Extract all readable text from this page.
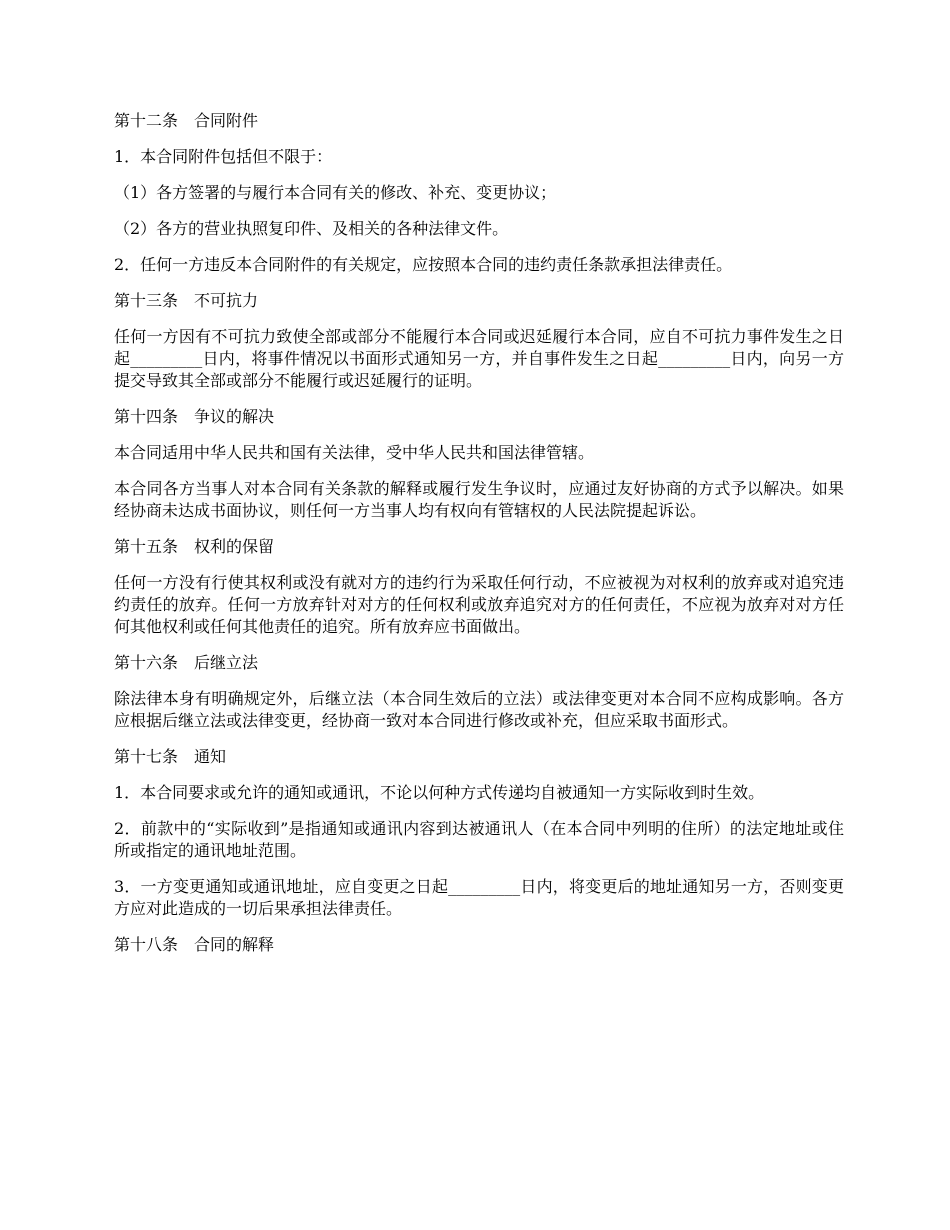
第十二条　合同附件

1．本合同附件包括但不限于：

（1）各方签署的与履行本合同有关的修改、补充、变更协议；

（2）各方的营业执照复印件、及相关的各种法律文件。

2．任何一方违反本合同附件的有关规定，应按照本合同的违约责任条款承担法律责任。

第十三条　不可抗力

任何一方因有不可抗力致使全部或部分不能履行本合同或迟延履行本合同，应自不可抗力事件发生之日起_________日内，将事件情况以书面形式通知另一方，并自事件发生之日起_________日内，向另一方提交导致其全部或部分不能履行或迟延履行的证明。

第十四条　争议的解决

本合同适用中华人民共和国有关法律，受中华人民共和国法律管辖。

本合同各方当事人对本合同有关条款的解释或履行发生争议时，应通过友好协商的方式予以解决。如果经协商未达成书面协议，则任何一方当事人均有权向有管辖权的人民法院提起诉讼。

第十五条　权利的保留

任何一方没有行使其权利或没有就对方的违约行为采取任何行动，不应被视为对权利的放弃或对追究违约责任的放弃。任何一方放弃针对对方的任何权利或放弃追究对方的任何责任，不应视为放弃对对方任何其他权利或任何其他责任的追究。所有放弃应书面做出。

第十六条　后继立法

除法律本身有明确规定外，后继立法（本合同生效后的立法）或法律变更对本合同不应构成影响。各方应根据后继立法或法律变更，经协商一致对本合同进行修改或补充，但应采取书面形式。

第十七条　通知

1．本合同要求或允许的通知或通讯，不论以何种方式传递均自被通知一方实际收到时生效。

2．前款中的“实际收到”是指通知或通讯内容到达被通讯人（在本合同中列明的住所）的法定地址或住所或指定的通讯地址范围。

3．一方变更通知或通讯地址，应自变更之日起_________日内，将变更后的地址通知另一方，否则变更方应对此造成的一切后果承担法律责任。

第十八条　合同的解释
